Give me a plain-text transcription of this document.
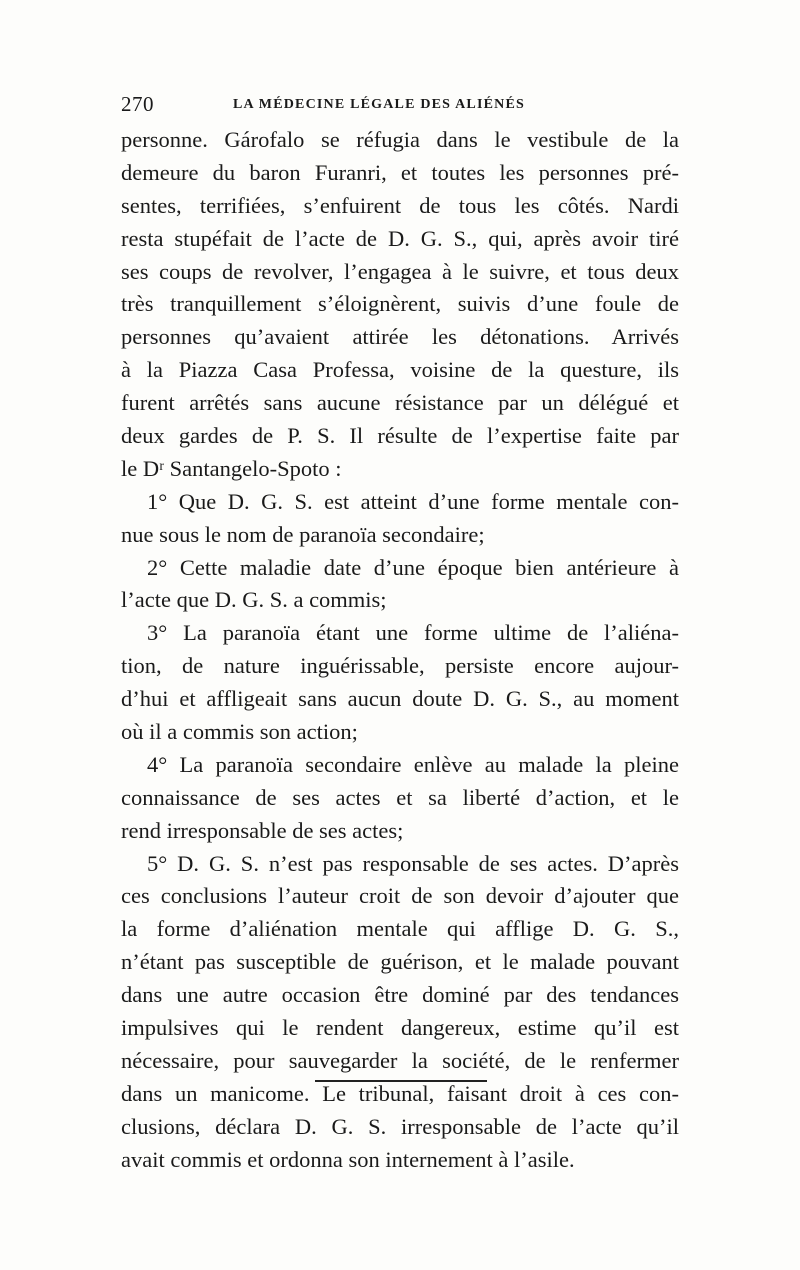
270	LA MÉDECINE LÉGALE DES ALIÉNÉS
personne. Gárofalo se réfugia dans le vestibule de la
demeure du baron Furanri, et toutes les personnes pré-
sentes, terrifiées, s’enfuirent de tous les côtés. Nardi
resta stupéfait de l’acte de D. G. S., qui, après avoir tiré
ses coups de revolver, l’engagea à le suivre, et tous deux
très tranquillement s’éloignèrent, suivis d’une foule de
personnes qu’avaient attirée les détonations. Arrivés
à la Piazza Casa Professa, voisine de la questure, ils
furent arrêtés sans aucune résistance par un délégué et
deux gardes de P. S. Il résulte de l’expertise faite par
le Dʳ Santangelo-Spoto :
1° Que D. G. S. est atteint d’une forme mentale con-
nue sous le nom de paranoïa secondaire;
2° Cette maladie date d’une époque bien antérieure à
l’acte que D. G. S. a commis;
3° La paranoïa étant une forme ultime de l’aliéna-
tion, de nature inguérissable, persiste encore aujour-
d’hui et affligeait sans aucun doute D. G. S., au moment
où il a commis son action;
4° La paranoïa secondaire enlève au malade la pleine
connaissance de ses actes et sa liberté d’action, et le
rend irresponsable de ses actes;
5° D. G. S. n’est pas responsable de ses actes. D’après
ces conclusions l’auteur croit de son devoir d’ajouter que
la forme d’aliénation mentale qui afflige D. G. S.,
n’étant pas susceptible de guérison, et le malade pouvant
dans une autre occasion être dominé par des tendances
impulsives qui le rendent dangereux, estime qu’il est
nécessaire, pour sauvegarder la société, de le renfermer
dans un manicome. Le tribunal, faisant droit à ces con-
clusions, déclara D. G. S. irresponsable de l’acte qu’il
avait commis et ordonna son internement à l’asile.
